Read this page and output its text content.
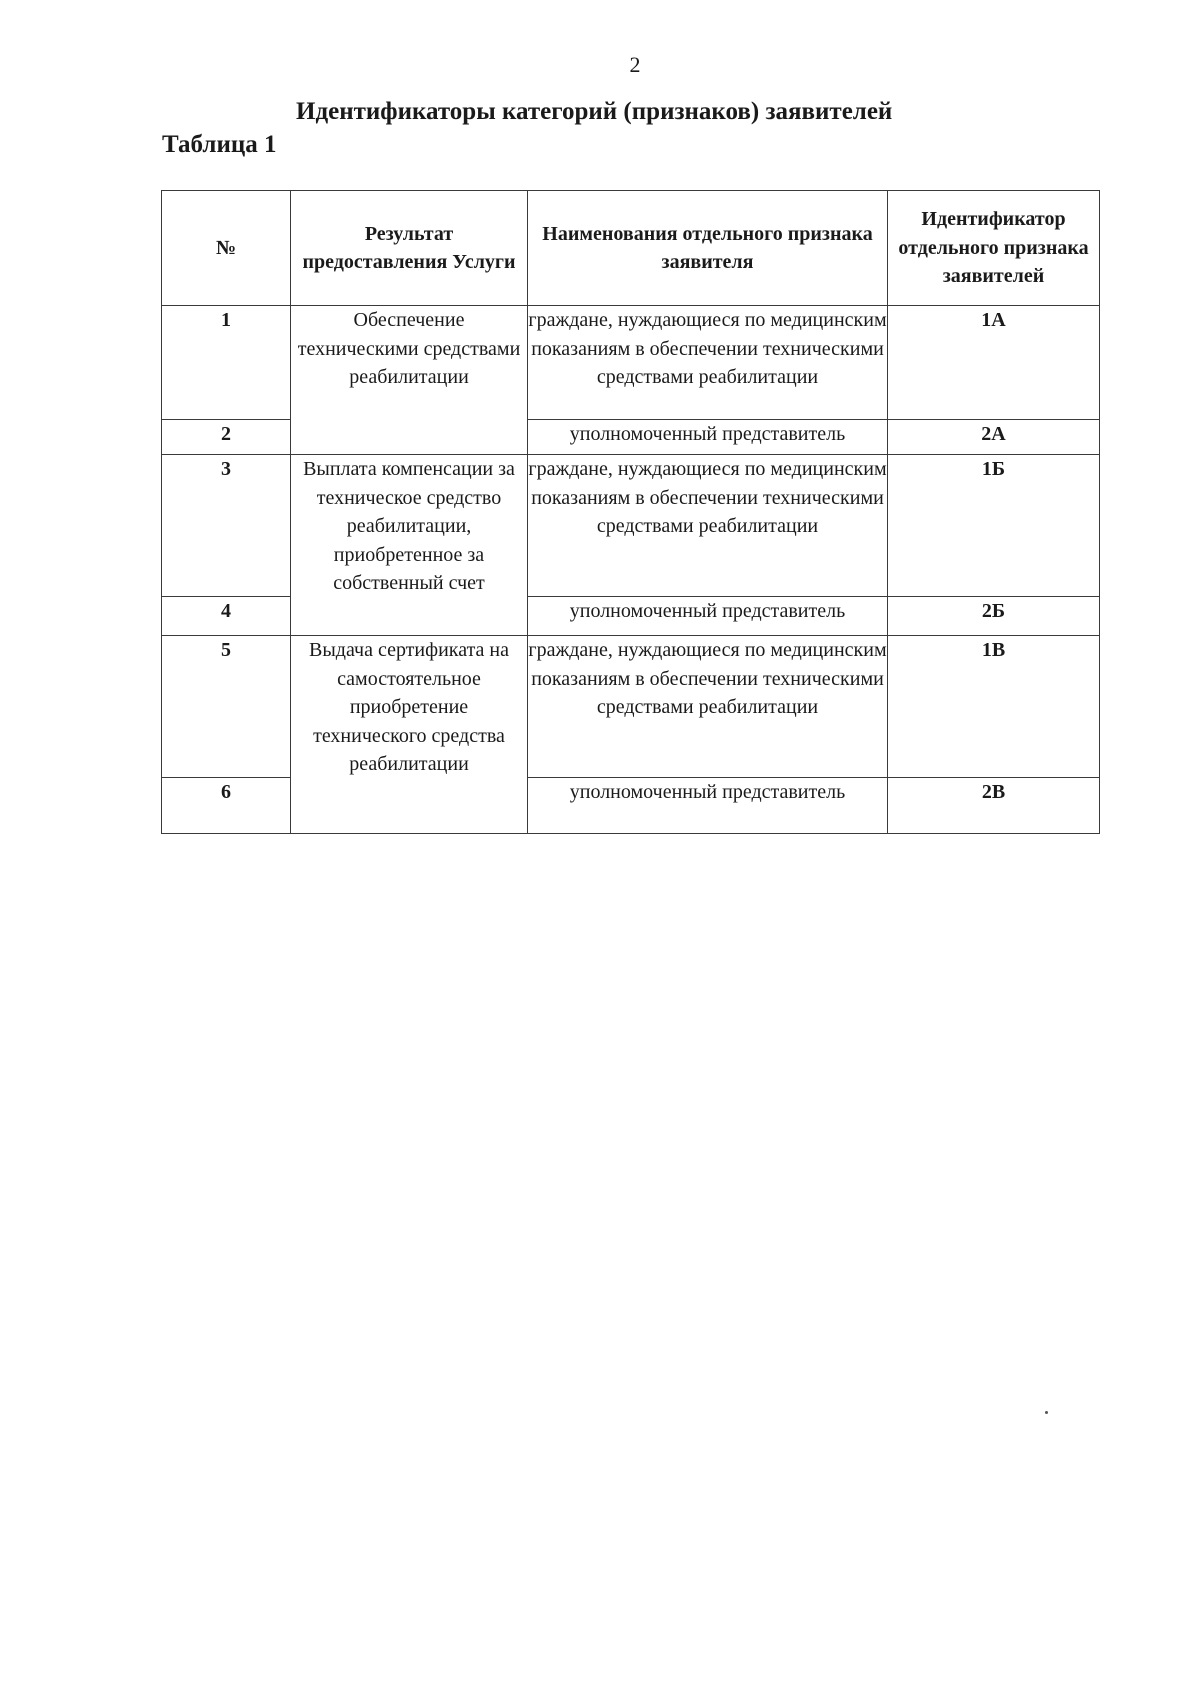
2
Идентификаторы категорий (признаков) заявителей
Таблица 1
№	Результат предоставления Услуги	Наименования отдельного признака заявителя	Идентификатор отдельного признака заявителей
1	Обеспечение техническими средствами реабилитации	граждане, нуждающиеся по медицинским показаниям в обеспечении техническими средствами реабилитации	1А
2		уполномоченный представитель	2А
3	Выплата компенсации за техническое средство реабилитации, приобретенное за собственный счет	граждане, нуждающиеся по медицинским показаниям в обеспечении техническими средствами реабилитации	1Б
4		уполномоченный представитель	2Б
5	Выдача сертификата на самостоятельное приобретение технического средства реабилитации	граждане, нуждающиеся по медицинским показаниям в обеспечении техническими средствами реабилитации	1В
6		уполномоченный представитель	2В
